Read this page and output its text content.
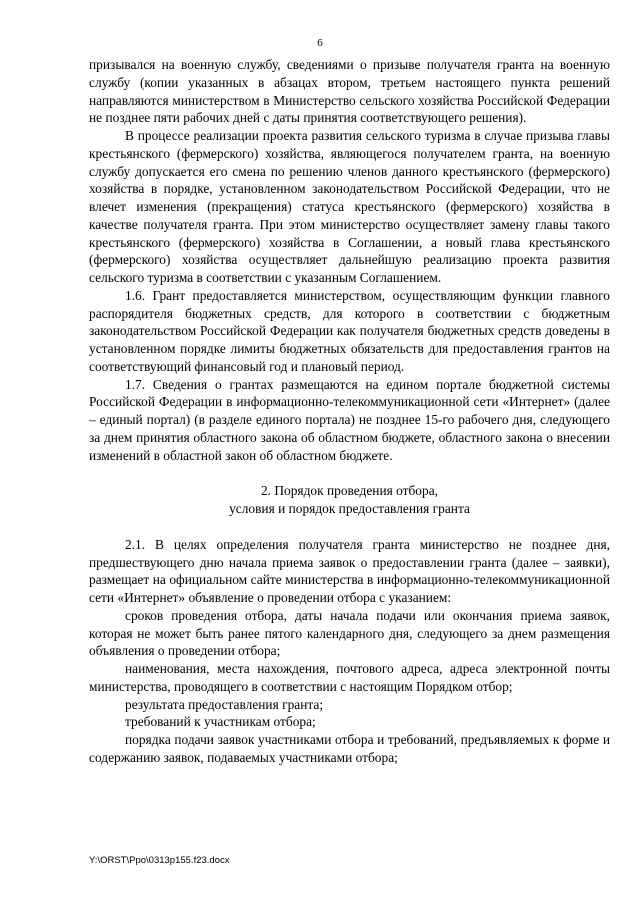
6

призывался на военную службу, сведениями о призыве получателя гранта на военную службу (копии указанных в абзацах втором, третьем настоящего пункта решений направляются министерством в Министерство сельского хозяйства Российской Федерации не позднее пяти рабочих дней с даты принятия соответствующего решения).

В процессе реализации проекта развития сельского туризма в случае призыва главы крестьянского (фермерского) хозяйства, являющегося получателем гранта, на военную службу допускается его смена по решению членов данного крестьянского (фермерского) хозяйства в порядке, установленном законодательством Российской Федерации, что не влечет изменения (прекращения) статуса крестьянского (фермерского) хозяйства в качестве получателя гранта. При этом министерство осуществляет замену главы такого крестьянского (фермерского) хозяйства в Соглашении, а новый глава крестьянского (фермерского) хозяйства осуществляет дальнейшую реализацию проекта развития сельского туризма в соответствии с указанным Соглашением.

1.6. Грант предоставляется министерством, осуществляющим функции главного распорядителя бюджетных средств, для которого в соответствии с бюджетным законодательством Российской Федерации как получателя бюджетных средств доведены в установленном порядке лимиты бюджетных обязательств для предоставления грантов на соответствующий финансовый год и плановый период.

1.7. Сведения о грантах размещаются на едином портале бюджетной системы Российской Федерации в информационно-телекоммуникационной сети «Интернет» (далее – единый портал) (в разделе единого портала) не позднее 15-го рабочего дня, следующего за днем принятия областного закона об областном бюджете, областного закона о внесении изменений в областной закон об областном бюджете.

2. Порядок проведения отбора,
условия и порядок предоставления гранта

2.1. В целях определения получателя гранта министерство не позднее дня, предшествующего дню начала приема заявок о предоставлении гранта (далее – заявки), размещает на официальном сайте министерства в информационно-телекоммуникационной сети «Интернет» объявление о проведении отбора с указанием:

сроков проведения отбора, даты начала подачи или окончания приема заявок, которая не может быть ранее пятого календарного дня, следующего за днем размещения объявления о проведении отбора;

наименования, места нахождения, почтового адреса, адреса электронной почты министерства, проводящего в соответствии с настоящим Порядком отбор;

результата предоставления гранта;

требований к участникам отбора;

порядка подачи заявок участниками отбора и требований, предъявляемых к форме и содержанию заявок, подаваемых участниками отбора;

Y:\ORST\Ppo\0313p155.f23.docx
